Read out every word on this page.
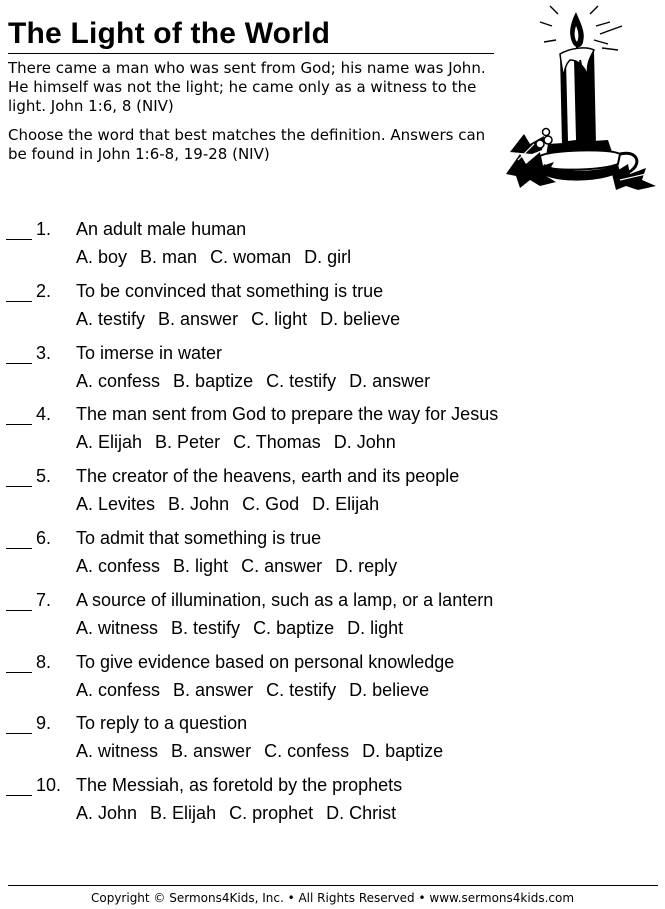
The Light of the World

There came a man who was sent from God; his name was John. He himself was not the light; he came only as a witness to the light. John 1:6, 8 (NIV)

Choose the word that best matches the definition. Answers can be found in John 1:6-8, 19-28 (NIV)

1. An adult male human
A. boy B. man C. woman D. girl
2. To be convinced that something is true
A. testify B. answer C. light D. believe
3. To imerse in water
A. confess B. baptize C. testify D. answer
4. The man sent from God to prepare the way for Jesus
A. Elijah B. Peter C. Thomas D. John
5. The creator of the heavens, earth and its people
A. Levites B. John C. God D. Elijah
6. To admit that something is true
A. confess B. light C. answer D. reply
7. A source of illumination, such as a lamp, or a lantern
A. witness B. testify C. baptize D. light
8. To give evidence based on personal knowledge
A. confess B. answer C. testify D. believe
9. To reply to a question
A. witness B. answer C. confess D. baptize
10. The Messiah, as foretold by the prophets
A. John B. Elijah C. prophet D. Christ
Copyright © Sermons4Kids, Inc. • All Rights Reserved • www.sermons4kids.com
